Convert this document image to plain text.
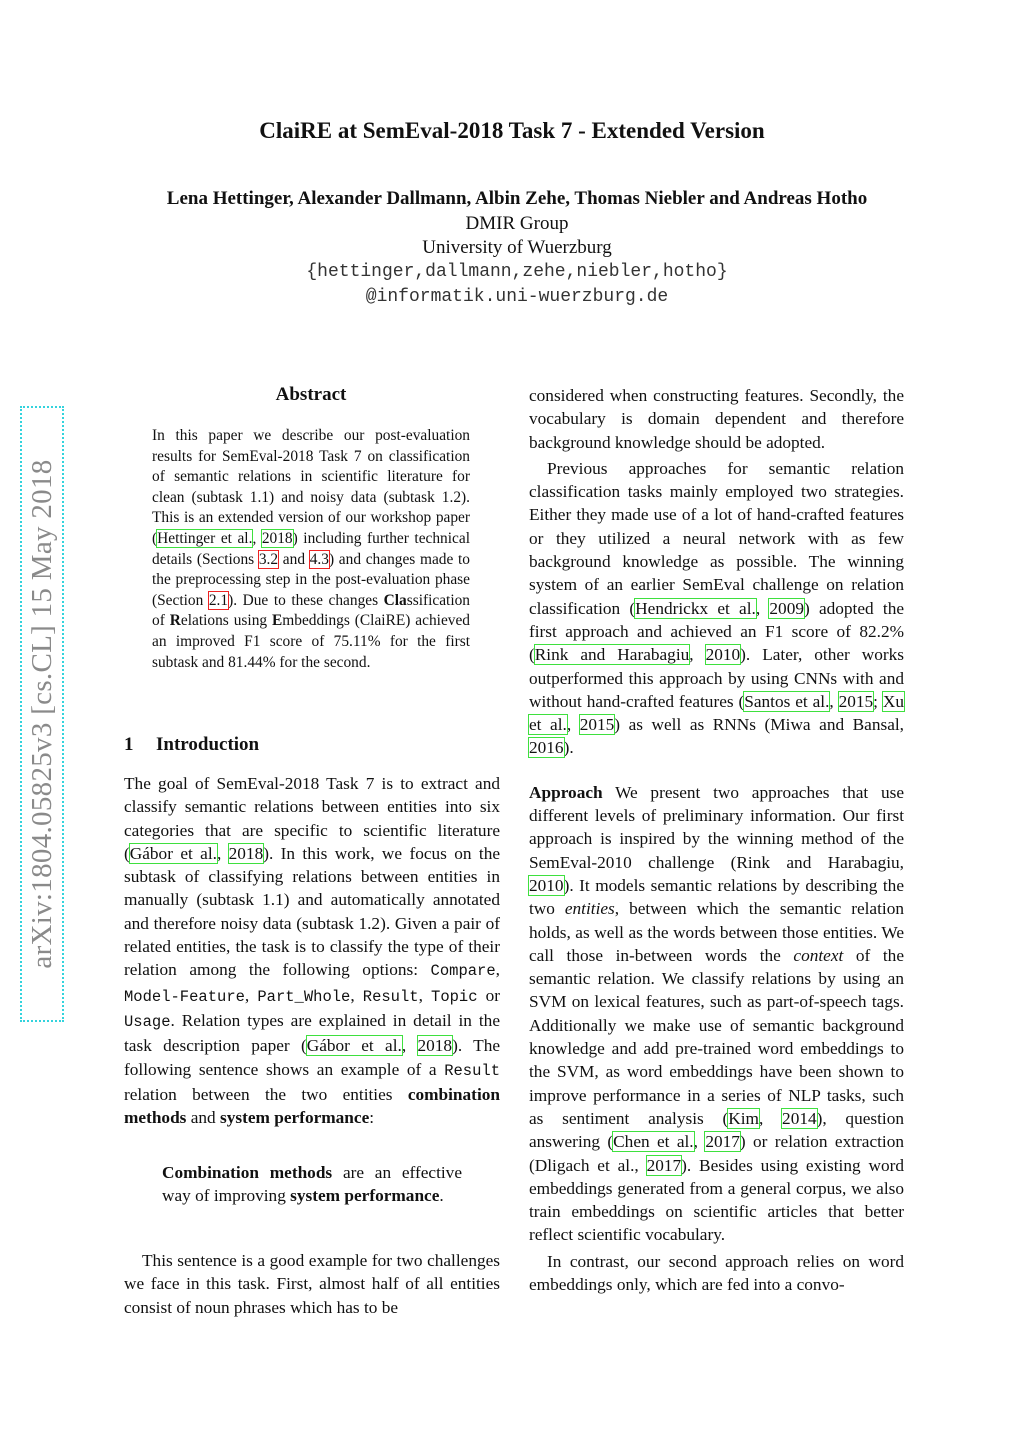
arXiv:1804.05825v3 [cs.CL] 15 May 2018
ClaiRE at SemEval-2018 Task 7 - Extended Version
Lena Hettinger, Alexander Dallmann, Albin Zehe, Thomas Niebler and Andreas Hotho
DMIR Group
University of Wuerzburg
{hettinger,dallmann,zehe,niebler,hotho}
@informatik.uni-wuerzburg.de
Abstract
In this paper we describe our post-evaluation results for SemEval-2018 Task 7 on classification of semantic relations in scientific literature for clean (subtask 1.1) and noisy data (subtask 1.2). This is an extended version of our workshop paper (Hettinger et al., 2018) including further technical details (Sections 3.2 and 4.3) and changes made to the preprocessing step in the post-evaluation phase (Section 2.1). Due to these changes Classification of Relations using Embeddings (ClaiRE) achieved an improved F1 score of 75.11% for the first subtask and 81.44% for the second.
1 Introduction

The goal of SemEval-2018 Task 7 is to extract and classify semantic relations between entities into six categories that are specific to scientific literature (Gábor et al., 2018). In this work, we focus on the subtask of classifying relations between entities in manually (subtask 1.1) and automatically annotated and therefore noisy data (subtask 1.2). Given a pair of related entities, the task is to classify the type of their relation among the following options: Compare, Model-Feature, Part_Whole, Result, Topic or Usage. Relation types are explained in detail in the task description paper (Gábor et al., 2018). The following sentence shows an example of a Result relation between the two entities combination methods and system performance:

Combination methods are an effective way of improving system performance.

This sentence is a good example for two challenges we face in this task. First, almost half of all entities consist of noun phrases which has to be

considered when constructing features. Secondly, the vocabulary is domain dependent and therefore background knowledge should be adopted.

Previous approaches for semantic relation classification tasks mainly employed two strategies. Either they made use of a lot of hand-crafted features or they utilized a neural network with as few background knowledge as possible. The winning system of an earlier SemEval challenge on relation classification (Hendrickx et al., 2009) adopted the first approach and achieved an F1 score of 82.2% (Rink and Harabagiu, 2010). Later, other works outperformed this approach by using CNNs with and without hand-crafted features (Santos et al., 2015; Xu et al., 2015) as well as RNNs (Miwa and Bansal, 2016).

Approach We present two approaches that use different levels of preliminary information. Our first approach is inspired by the winning method of the SemEval-2010 challenge (Rink and Harabagiu, 2010). It models semantic relations by describing the two entities, between which the semantic relation holds, as well as the words between those entities. We call those in-between words the context of the semantic relation. We classify relations by using an SVM on lexical features, such as part-of-speech tags. Additionally we make use of semantic background knowledge and add pre-trained word embeddings to the SVM, as word embeddings have been shown to improve performance in a series of NLP tasks, such as sentiment analysis (Kim, 2014), question answering (Chen et al., 2017) or relation extraction (Dligach et al., 2017). Besides using existing word embeddings generated from a general corpus, we also train embeddings on scientific articles that better reflect scientific vocabulary.

In contrast, our second approach relies on word embeddings only, which are fed into a convo-
